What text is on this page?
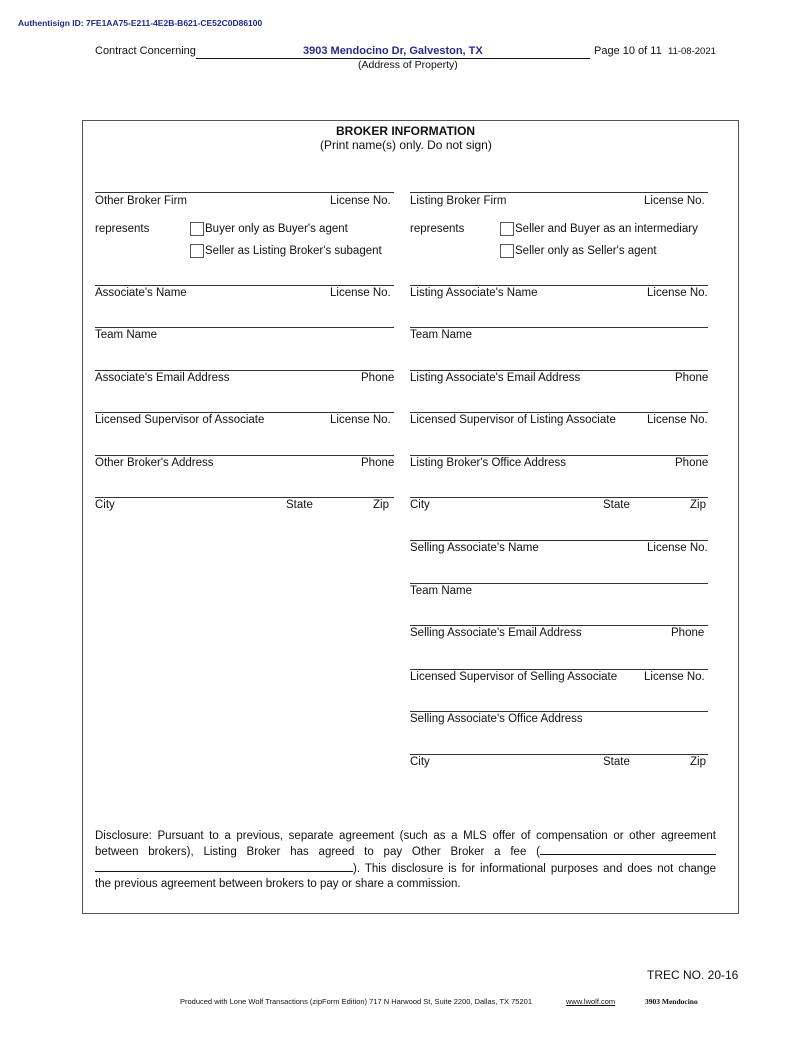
Authentisign ID: 7FE1AA75-E211-4E2B-B621-CE52C0D86100
Contract Concerning	3903 Mendocino Dr, Galveston, TX
(Address of Property)
Page 10 of 11 11-08-2021
BROKER INFORMATION
(Print name(s) only. Do not sign)
Other Broker Firm	License No.
represents	Buyer only as Buyer's agent
Seller as Listing Broker's subagent
Associate's Name	License No.
Team Name
Associate's Email Address	Phone
Licensed Supervisor of Associate	License No.
Other Broker's Address	Phone
City	State	Zip
Listing Broker Firm	License No.
represents	Seller and Buyer as an intermediary
Seller only as Seller's agent
Listing Associate's Name	License No.
Team Name
Listing Associate's Email Address	Phone
Licensed Supervisor of Listing Associate	License No.
Listing Broker's Office Address	Phone
City	State	Zip
Selling Associate's Name	License No.
Team Name
Selling Associate's Email Address	Phone
Licensed Supervisor of Selling Associate License No.
Selling Associate's Office Address
City	State	Zip
Disclosure: Pursuant to a previous, separate agreement (such as a MLS offer of compensation or other agreement between brokers), Listing Broker has agreed to pay Other Broker a fee ( ). This disclosure is for informational purposes and does not change the previous agreement between brokers to pay or share a commission.
TREC NO. 20-16
Produced with Lone Wolf Transactions (zipForm Edition) 717 N Harwood St, Suite 2200, Dallas, TX 75201	www.lwolf.com	3903 Mendocino
